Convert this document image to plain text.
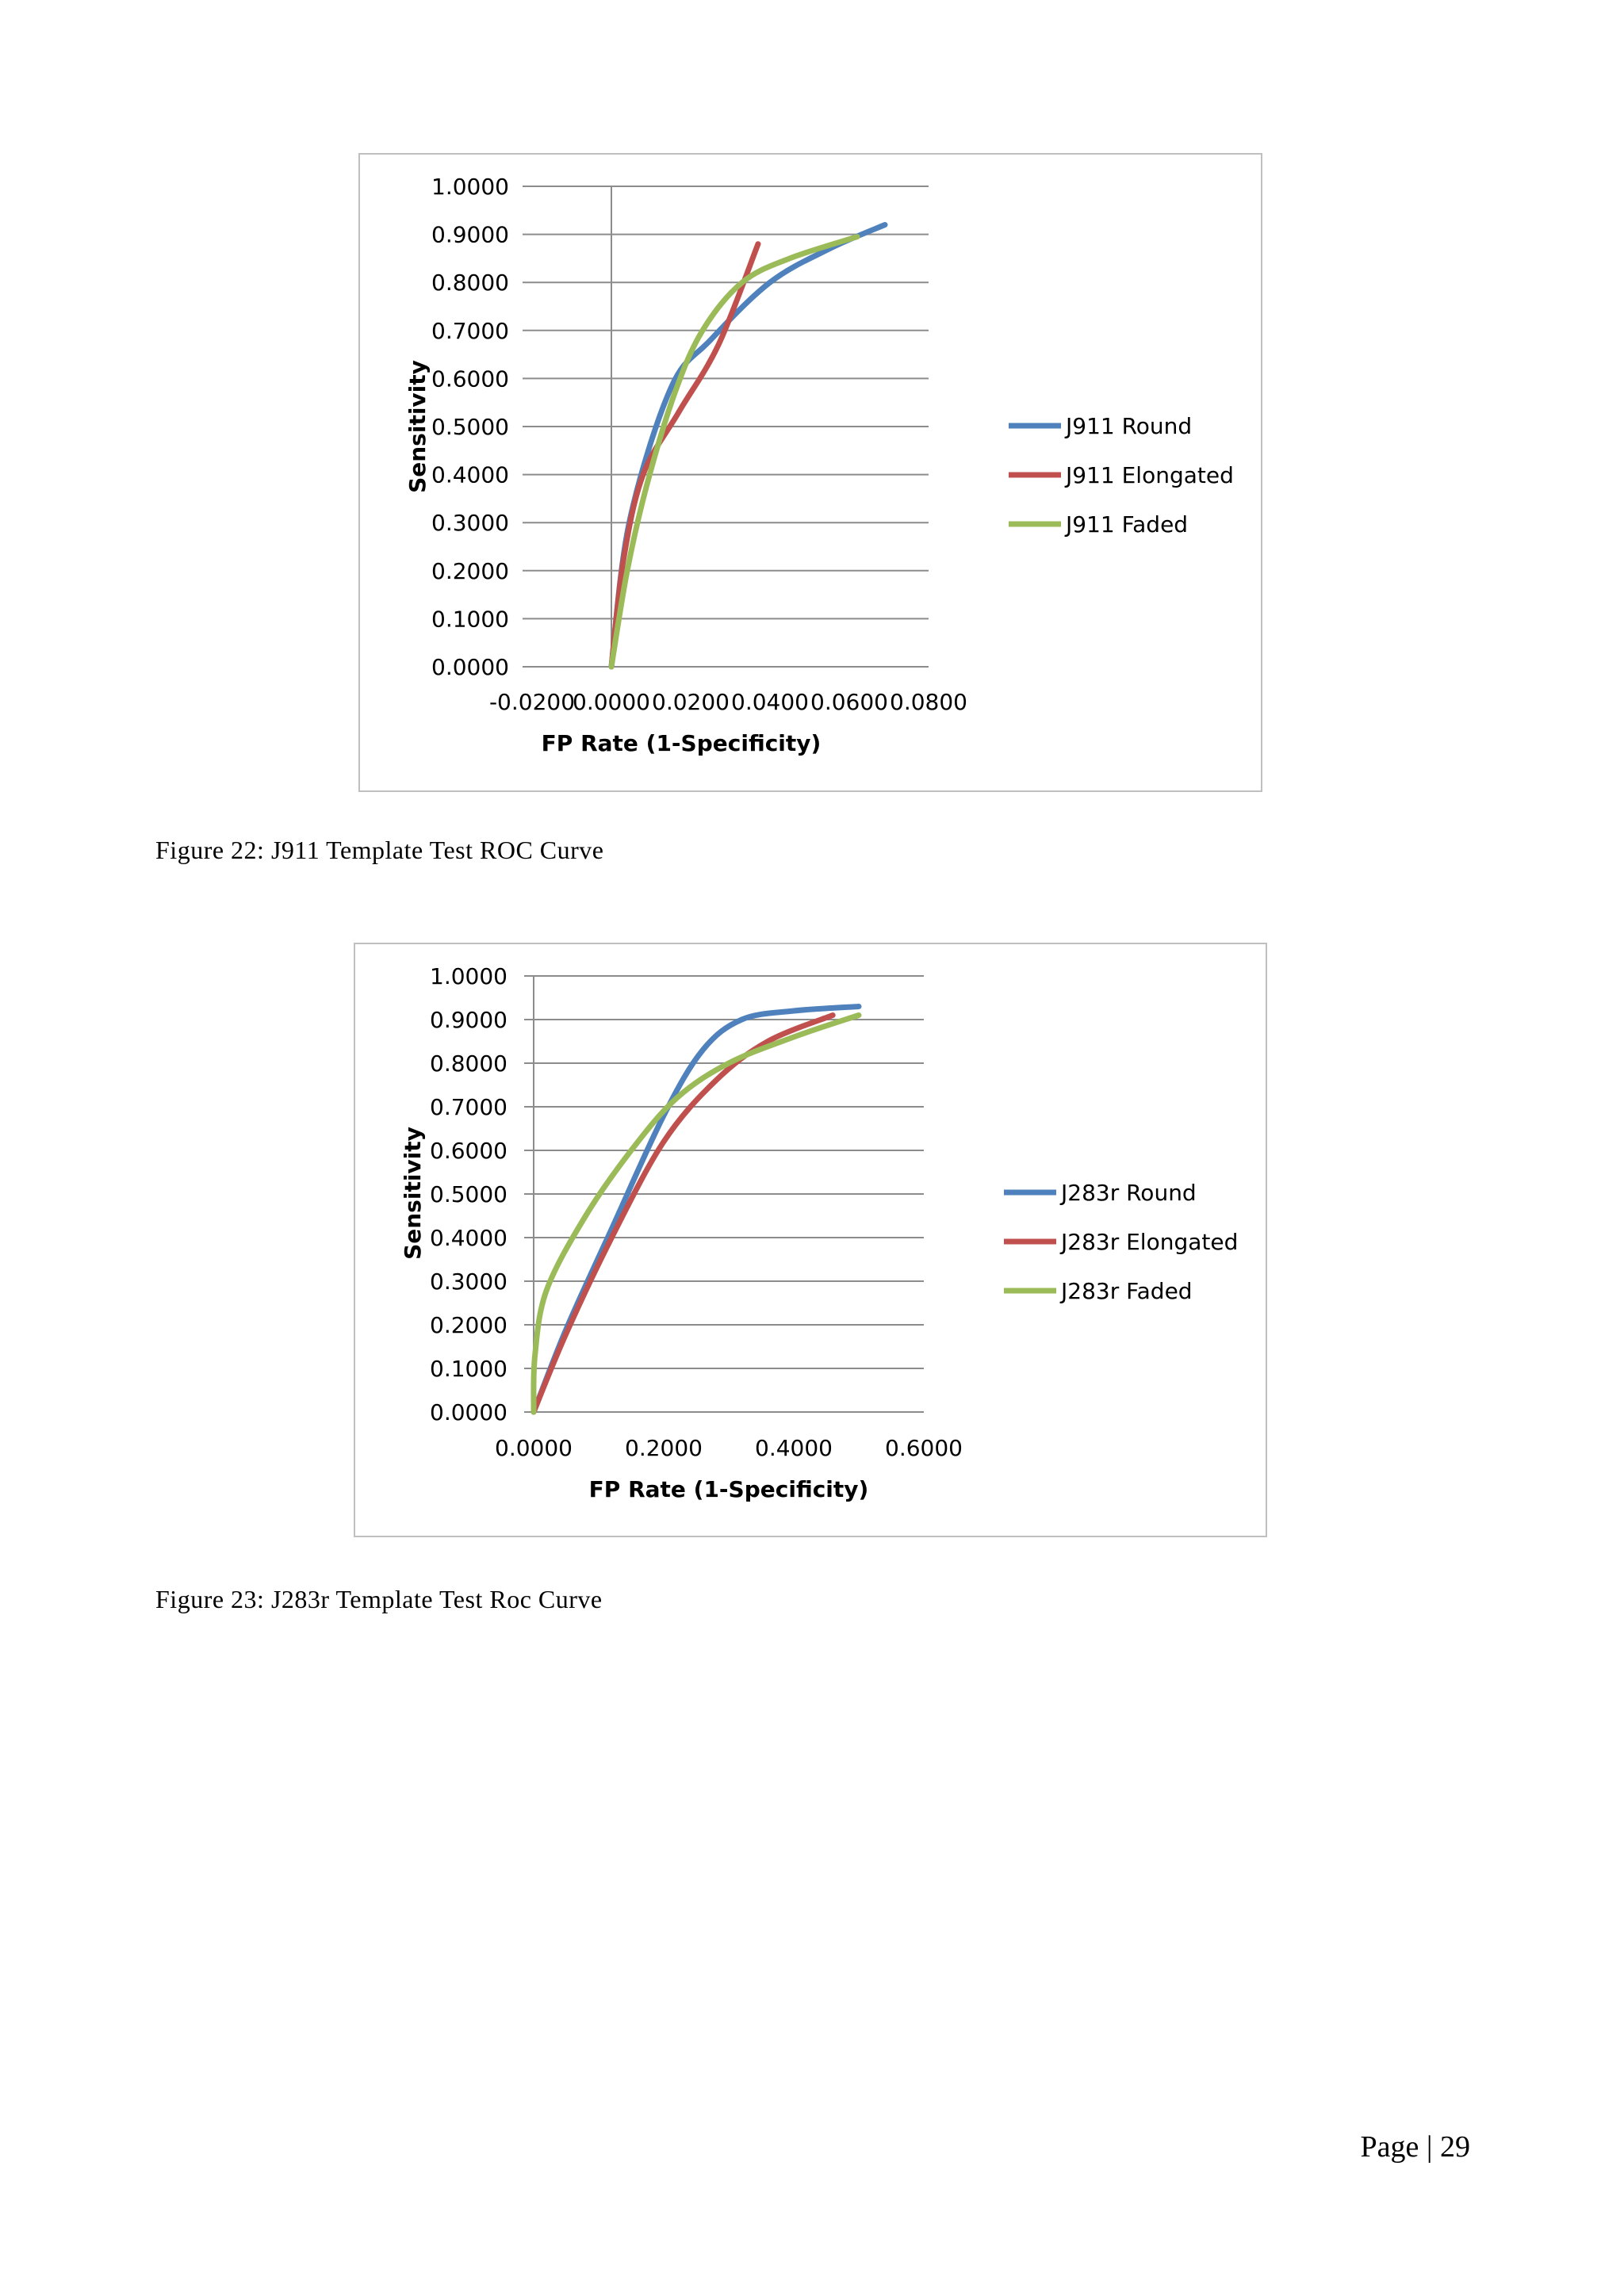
0.0000
0.1000
0.2000
0.3000
0.4000
0.5000
0.6000
0.7000
0.8000
0.9000
1.0000
-0.0200
0.0000 0.0200 0.0400 0.0600 0.0800
FP Rate (1-Specificity)
Sensitivity	J911 Round
J911 Elongated
J911 Faded

Figure 22: J911 Template Test ROC Curve

0.0000
0.1000
0.2000
0.3000
0.4000
0.5000
0.6000
0.7000
0.8000
0.9000
1.0000
0.0000 0.2000 0.4000 0.6000
FP Rate (1-Specificity)
Sensitivity	J283r Round
J283r Elongated
J283r Faded

Figure 23: J283r Template Test Roc Curve

Page | 29
